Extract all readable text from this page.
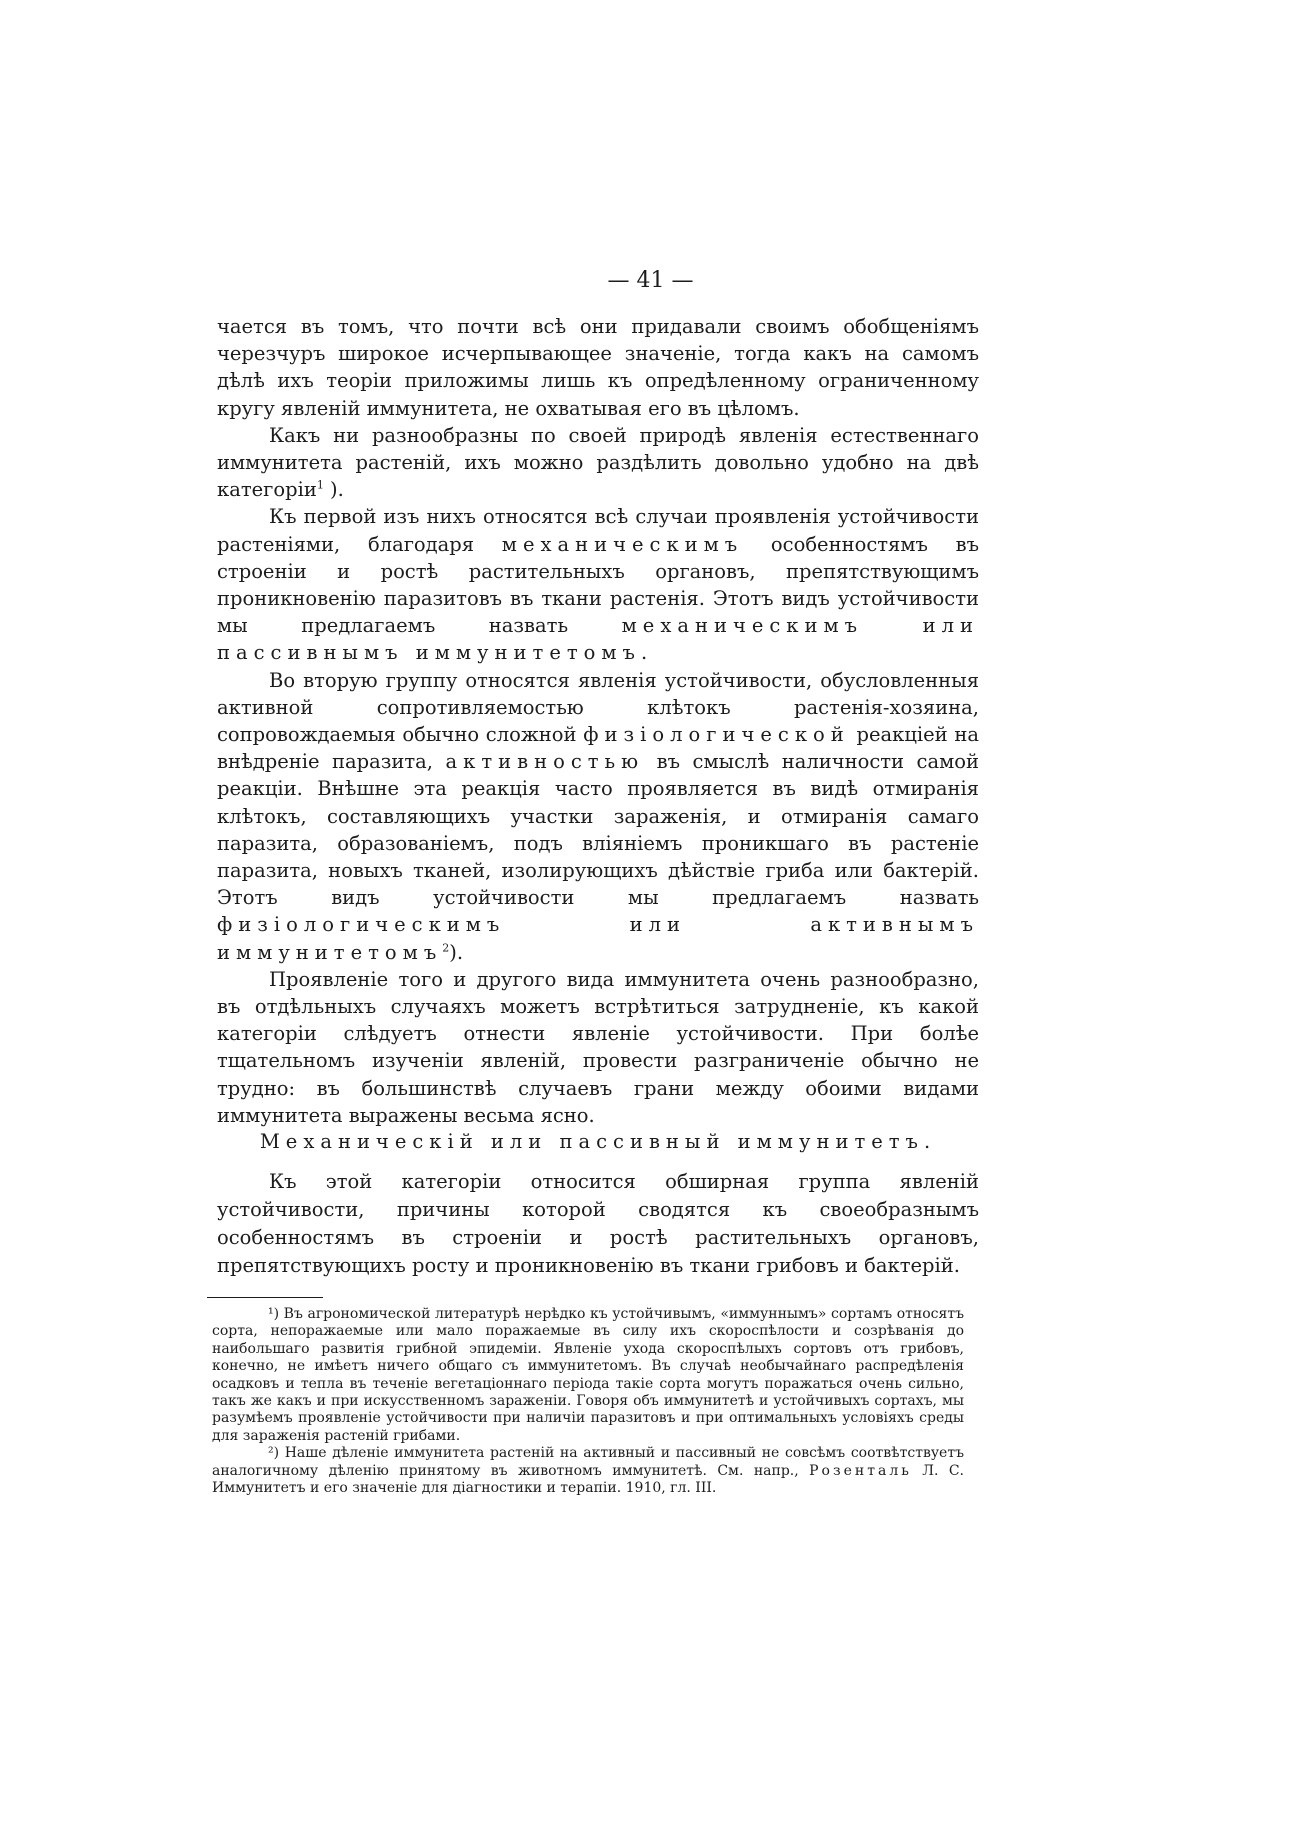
— 41 —

чается въ томъ, что почти всѣ они придавали своимъ обобщеніямъ черезчуръ широкое исчерпывающее значеніе, тогда какъ на самомъ дѣлѣ ихъ теоріи приложимы лишь къ опредѣленному ограниченному кругу явленій иммунитета, не охватывая его въ цѣломъ.

Какъ ни разнообразны по своей природѣ явленія естественнаго иммунитета растеній, ихъ можно раздѣлить довольно удобно на двѣ категоріи$^1$ ).

Къ первой изъ нихъ относятся всѣ случаи проявленія устойчивости растеніями, благодаря механическимъ особенностямъ въ строеніи и ростѣ растительныхъ органовъ, препятствующимъ проникновенію паразитовъ въ ткани растенія. Этотъ видъ устойчивости мы предлагаемъ назвать механическимъ или пассивнымъ иммунитетомъ.

Во вторую группу относятся явленія устойчивости, обусловленныя активной сопротивляемостью клѣтокъ растенія-хозяина, сопровождаемыя обычно сложной физіологической реакціей на внѣдреніе паразита, активностью въ смыслѣ наличности самой реакціи. Внѣшне эта реакція часто проявляется въ видѣ отмиранія клѣтокъ, составляющихъ участки зараженія, и отмиранія самаго паразита, образованіемъ, подъ вліяніемъ проникшаго въ растеніе паразита, новыхъ тканей, изолирующихъ дѣйствіе гриба или бактерій. Этотъ видъ устойчивости мы предлагаемъ назвать физіологическимъ или активнымъ иммунитетомъ$^2$).

Проявленіе того и другого вида иммунитета очень разнообразно, въ отдѣльныхъ случаяхъ можетъ встрѣтиться затрудненіе, къ какой категоріи слѣдуетъ отнести явленіе устойчивости. При болѣе тщательномъ изученіи явленій, провести разграниченіе обычно не трудно: въ большинствѣ случаевъ грани между обоими видами иммунитета выражены весьма ясно.

Механическій или пассивный иммунитетъ.

Къ этой категоріи относится обширная группа явленій устойчивости, причины которой сводятся къ своеобразнымъ особенностямъ въ строеніи и ростѣ растительныхъ органовъ, препятствующихъ росту и проникновенію въ ткани грибовъ и бактерій.

¹) Въ агрономической литературѣ нерѣдко къ устойчивымъ, «иммуннымъ» сортамъ относятъ сорта, непоражаемые или мало поражаемые въ силу ихъ скороспѣлости и созрѣванія до наибольшаго развитія грибной эпидеміи. Явленіе ухода скороспѣлыхъ сортовъ отъ грибовъ, конечно, не имѣетъ ничего общаго съ иммунитетомъ. Въ случаѣ необычайнаго распредѣленія осадковъ и тепла въ теченіе вегетаціоннаго періода такіе сорта могутъ поражаться очень сильно, такъ же какъ и при искусственномъ зараженіи. Говоря объ иммунитетѣ и устойчивыхъ сортахъ, мы разумѣемъ проявленіе устойчивости при наличіи паразитовъ и при оптимальныхъ условіяхъ среды для зараженія растеній грибами.

²) Наше дѣленіе иммунитета растеній на активный и пассивный не совсѣмъ соотвѣтствуетъ аналогичному дѣленію принятому въ животномъ иммунитетѣ. См. напр., Розенталь Л. С. Иммунитетъ и его значеніе для діагностики и терапіи. 1910, гл. III.
